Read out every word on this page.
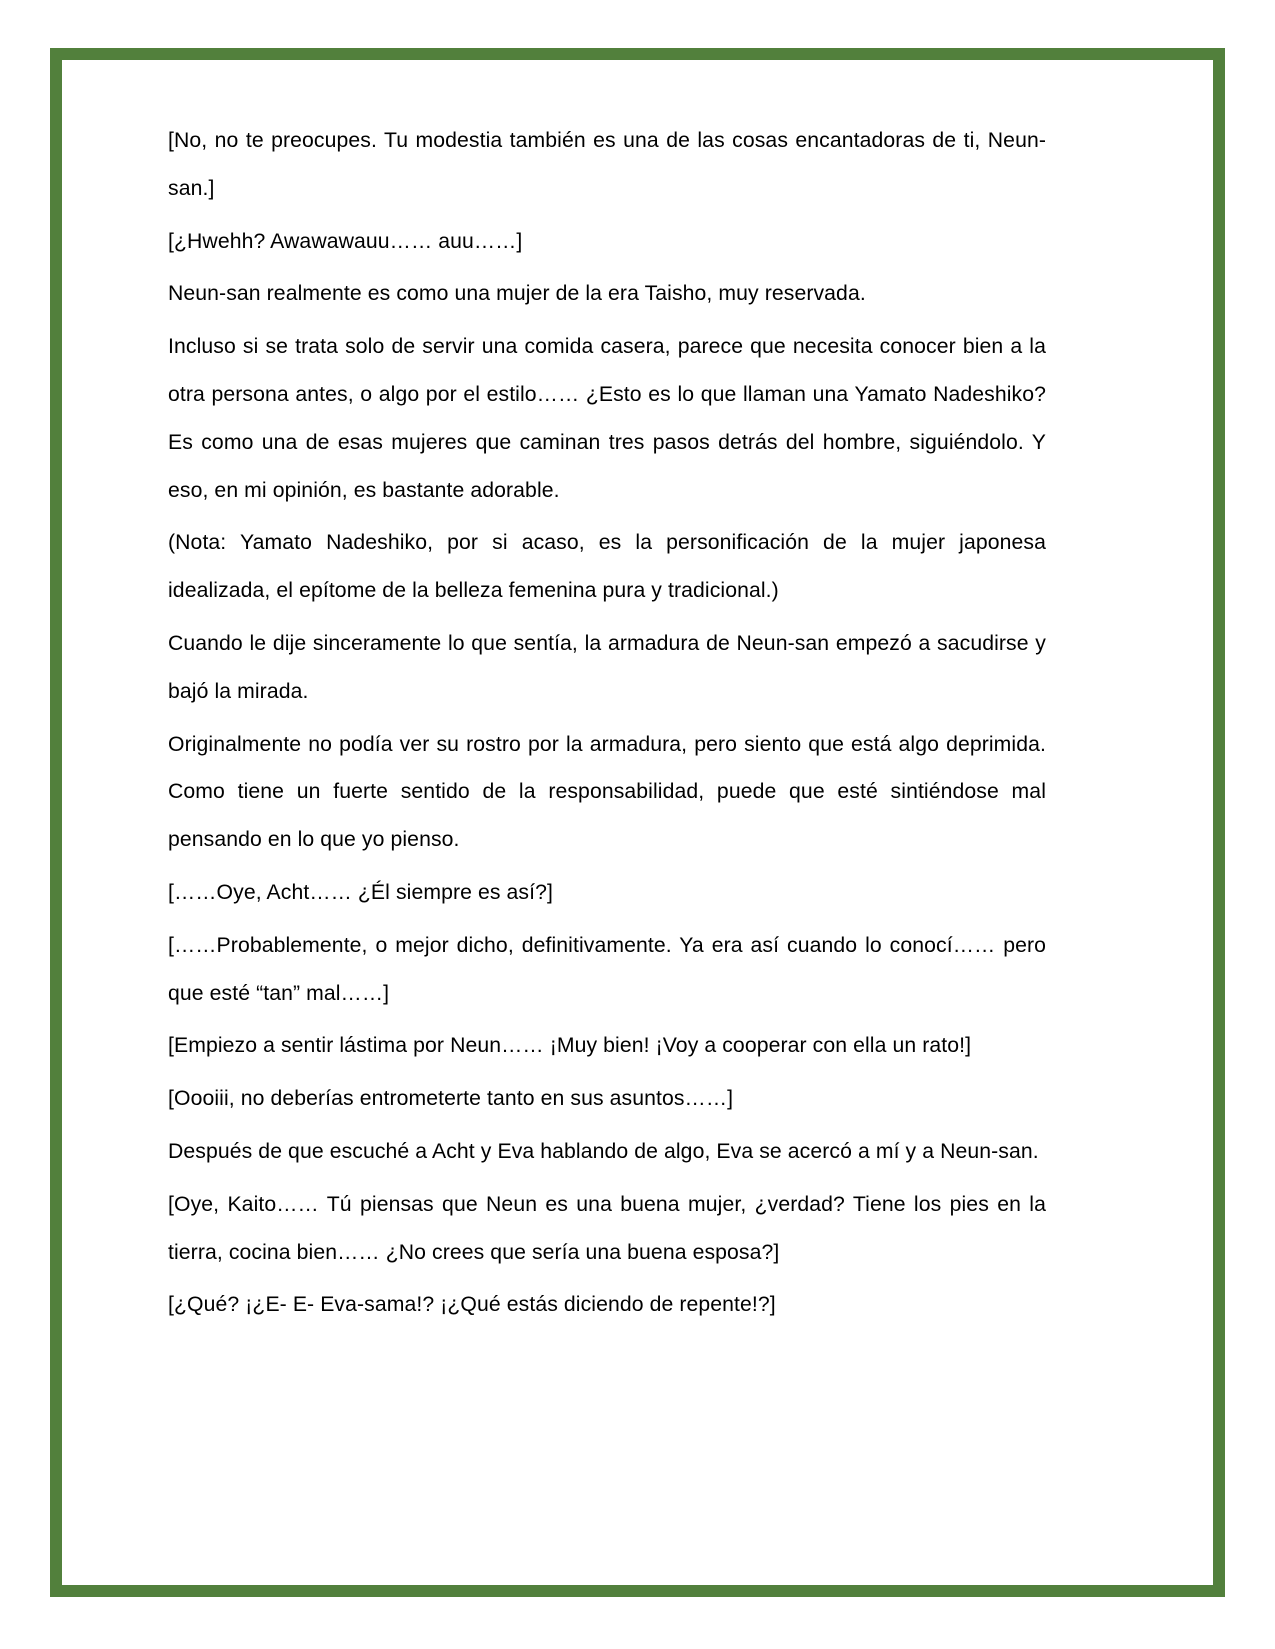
[No, no te preocupes. Tu modestia también es una de las cosas encantadoras de ti, Neun-san.]

[¿Hwehh? Awawawauu…… auu……]

Neun-san realmente es como una mujer de la era Taisho, muy reservada.

Incluso si se trata solo de servir una comida casera, parece que necesita conocer bien a la otra persona antes, o algo por el estilo…… ¿Esto es lo que llaman una Yamato Nadeshiko? Es como una de esas mujeres que caminan tres pasos detrás del hombre, siguiéndolo. Y eso, en mi opinión, es bastante adorable.

(Nota: Yamato Nadeshiko, por si acaso, es la personificación de la mujer japonesa idealizada, el epítome de la belleza femenina pura y tradicional.)

Cuando le dije sinceramente lo que sentía, la armadura de Neun-san empezó a sacudirse y bajó la mirada.

Originalmente no podía ver su rostro por la armadura, pero siento que está algo deprimida. Como tiene un fuerte sentido de la responsabilidad, puede que esté sintiéndose mal pensando en lo que yo pienso.

[……Oye, Acht…… ¿Él siempre es así?]

[……Probablemente, o mejor dicho, definitivamente. Ya era así cuando lo conocí…… pero que esté “tan” mal……]

[Empiezo a sentir lástima por Neun…… ¡Muy bien! ¡Voy a cooperar con ella un rato!]

[Oooiii, no deberías entrometerte tanto en sus asuntos……]

Después de que escuché a Acht y Eva hablando de algo, Eva se acercó a mí y a Neun-san.

[Oye, Kaito…… Tú piensas que Neun es una buena mujer, ¿verdad? Tiene los pies en la tierra, cocina bien…… ¿No crees que sería una buena esposa?]

[¿Qué? ¡¿E- E- Eva-sama!? ¡¿Qué estás diciendo de repente!?]
